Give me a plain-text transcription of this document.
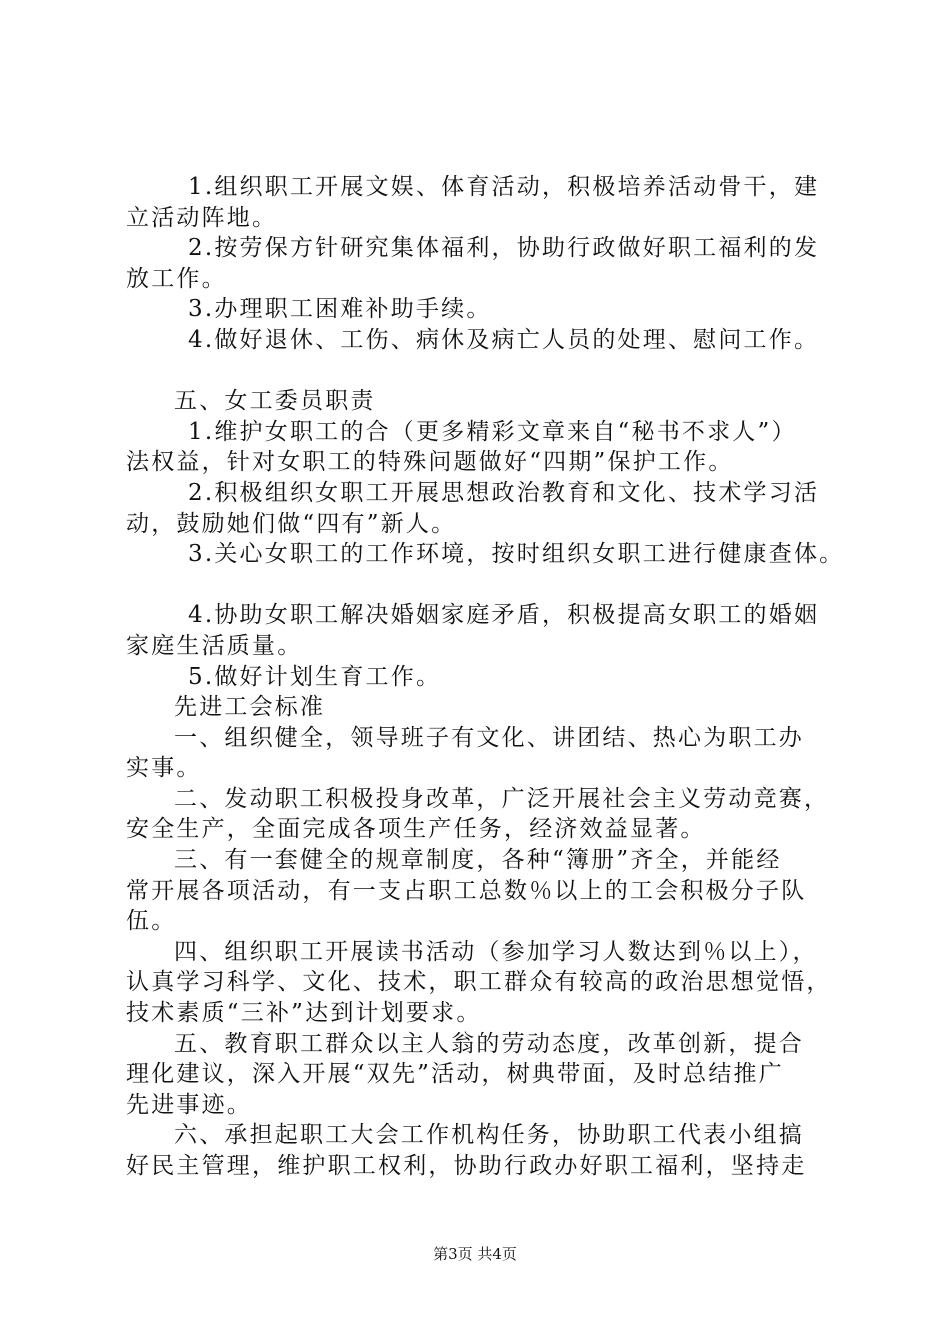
1.组织职工开展文娱、体育活动，积极培养活动骨干，建
立活动阵地。
2.按劳保方针研究集体福利，协助行政做好职工福利的发
放工作。
3.办理职工困难补助手续。
4.做好退休、工伤、病休及病亡人员的处理、慰问工作。
五、女工委员职责
1.维护女职工的合（更多精彩文章来自“秘书不求人”）
法权益，针对女职工的特殊问题做好“四期”保护工作。
2.积极组织女职工开展思想政治教育和文化、技术学习活
动，鼓励她们做“四有”新人。
3.关心女职工的工作环境，按时组织女职工进行健康查体。
4.协助女职工解决婚姻家庭矛盾，积极提高女职工的婚姻
家庭生活质量。
5.做好计划生育工作。
先进工会标准
一、组织健全，领导班子有文化、讲团结、热心为职工办
实事。
二、发动职工积极投身改革，广泛开展社会主义劳动竞赛，
安全生产，全面完成各项生产任务，经济效益显著。
三、有一套健全的规章制度，各种“簿册”齐全，并能经
常开展各项活动，有一支占职工总数％以上的工会积极分子队
伍。
四、组织职工开展读书活动（参加学习人数达到％以上），
认真学习科学、文化、技术，职工群众有较高的政治思想觉悟，
技术素质“三补”达到计划要求。
五、教育职工群众以主人翁的劳动态度，改革创新，提合
理化建议，深入开展“双先”活动，树典带面，及时总结推广
先进事迹。
六、承担起职工大会工作机构任务，协助职工代表小组搞
好民主管理，维护职工权利，协助行政办好职工福利，坚持走
第3页 共4页
